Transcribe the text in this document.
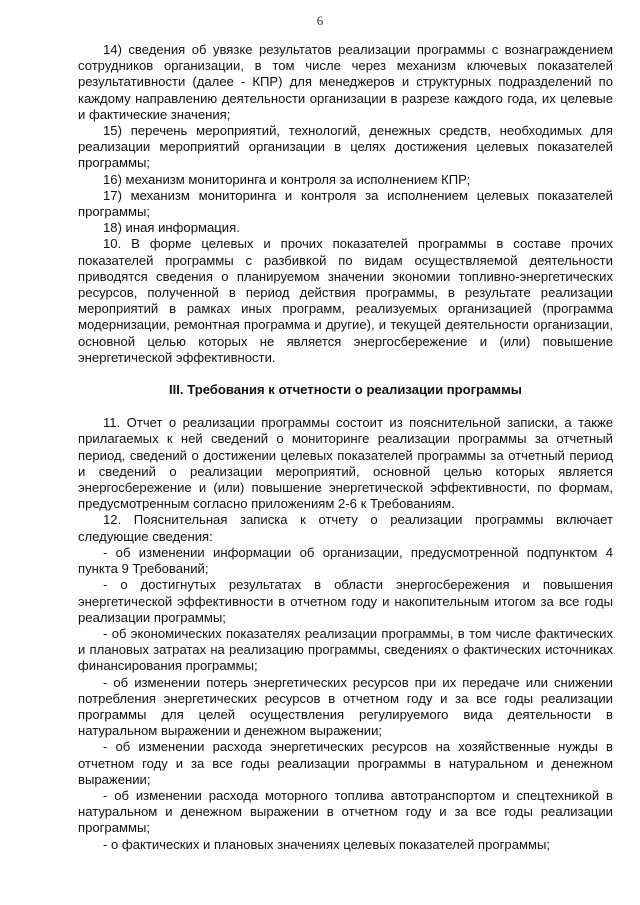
6

14) сведения об увязке результатов реализации программы с вознаграждением сотрудников организации, в том числе через механизм ключевых показателей результативности (далее - КПР) для менеджеров и структурных подразделений по каждому направлению деятельности организации в разрезе каждого года, их целевые и фактические значения;

15) перечень мероприятий, технологий, денежных средств, необходимых для реализации мероприятий организации в целях достижения целевых показателей программы;

16) механизм мониторинга и контроля за исполнением КПР;

17) механизм мониторинга и контроля за исполнением целевых показателей программы;

18) иная информация.

10. В форме целевых и прочих показателей программы в составе прочих показателей программы с разбивкой по видам осуществляемой деятельности приводятся сведения о планируемом значении экономии топливно-энергетических ресурсов, полученной в период действия программы, в результате реализации мероприятий в рамках иных программ, реализуемых организацией (программа модернизации, ремонтная программа и другие), и текущей деятельности организации, основной целью которых не является энергосбережение и (или) повышение энергетической эффективности.

III. Требования к отчетности о реализации программы

11. Отчет о реализации программы состоит из пояснительной записки, а также прилагаемых к ней сведений о мониторинге реализации программы за отчетный период, сведений о достижении целевых показателей программы за отчетный период и сведений о реализации мероприятий, основной целью которых является энергосбережение и (или) повышение энергетической эффективности, по формам, предусмотренным согласно приложениям 2-6 к Требованиям.

12. Пояснительная записка к отчету о реализации программы включает следующие сведения:

- об изменении информации об организации, предусмотренной подпунктом 4 пункта 9 Требований;

- о достигнутых результатах в области энергосбережения и повышения энергетической эффективности в отчетном году и накопительным итогом за все годы реализации программы;

- об экономических показателях реализации программы, в том числе фактических и плановых затратах на реализацию программы, сведениях о фактических источниках финансирования программы;

- об изменении потерь энергетических ресурсов при их передаче или снижении потребления энергетических ресурсов в отчетном году и за все годы реализации программы для целей осуществления регулируемого вида деятельности в натуральном выражении и денежном выражении;

- об изменении расхода энергетических ресурсов на хозяйственные нужды в отчетном году и за все годы реализации программы в натуральном и денежном выражении;

- об изменении расхода моторного топлива автотранспортом и спецтехникой в натуральном и денежном выражении в отчетном году и за все годы реализации программы;

- о фактических и плановых значениях целевых показателей программы;
